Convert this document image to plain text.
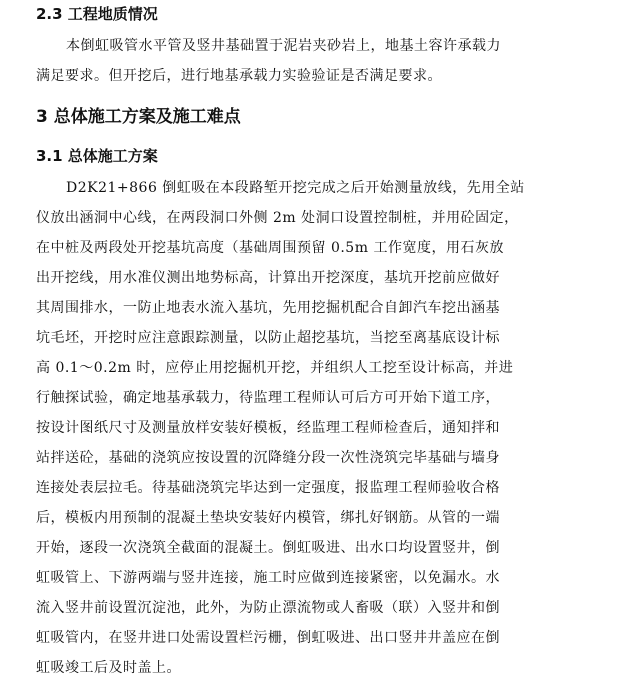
2.3 工程地质情况
本倒虹吸管水平管及竖井基础置于泥岩夹砂岩上，地基土容许承载力
满足要求。但开挖后，进行地基承载力实验验证是否满足要求。
3 总体施工方案及施工难点
3.1 总体施工方案
D2K21+866 倒虹吸在本段路堑开挖完成之后开始测量放线，先用全站
仪放出涵洞中心线，在两段洞口外侧 2m 处洞口设置控制桩，并用砼固定，
在中桩及两段处开挖基坑高度（基础周围预留 0.5m 工作宽度，用石灰放
出开挖线，用水准仪测出地势标高，计算出开挖深度，基坑开挖前应做好
其周围排水，一防止地表水流入基坑，先用挖掘机配合自卸汽车挖出涵基
坑毛坯，开挖时应注意跟踪测量，以防止超挖基坑，当挖至离基底设计标
高 0.1～0.2m 时，应停止用挖掘机开挖，并组织人工挖至设计标高，并进
行触探试验，确定地基承载力，待监理工程师认可后方可开始下道工序，
按设计图纸尺寸及测量放样安装好模板，经监理工程师检查后，通知拌和
站拌送砼，基础的浇筑应按设置的沉降缝分段一次性浇筑完毕基础与墙身
连接处表层拉毛。待基础浇筑完毕达到一定强度，报监理工程师验收合格
后，模板内用预制的混凝土垫块安装好内模管，绑扎好钢筋。从管的一端
开始，逐段一次浇筑全截面的混凝土。倒虹吸进、出水口均设置竖井，倒
虹吸管上、下游两端与竖井连接，施工时应做到连接紧密，以免漏水。水
流入竖井前设置沉淀池，此外，为防止漂流物或人畜吸（联）入竖井和倒
虹吸管内，在竖井进口处需设置栏污栅，倒虹吸进、出口竖井井盖应在倒
虹吸竣工后及时盖上。
